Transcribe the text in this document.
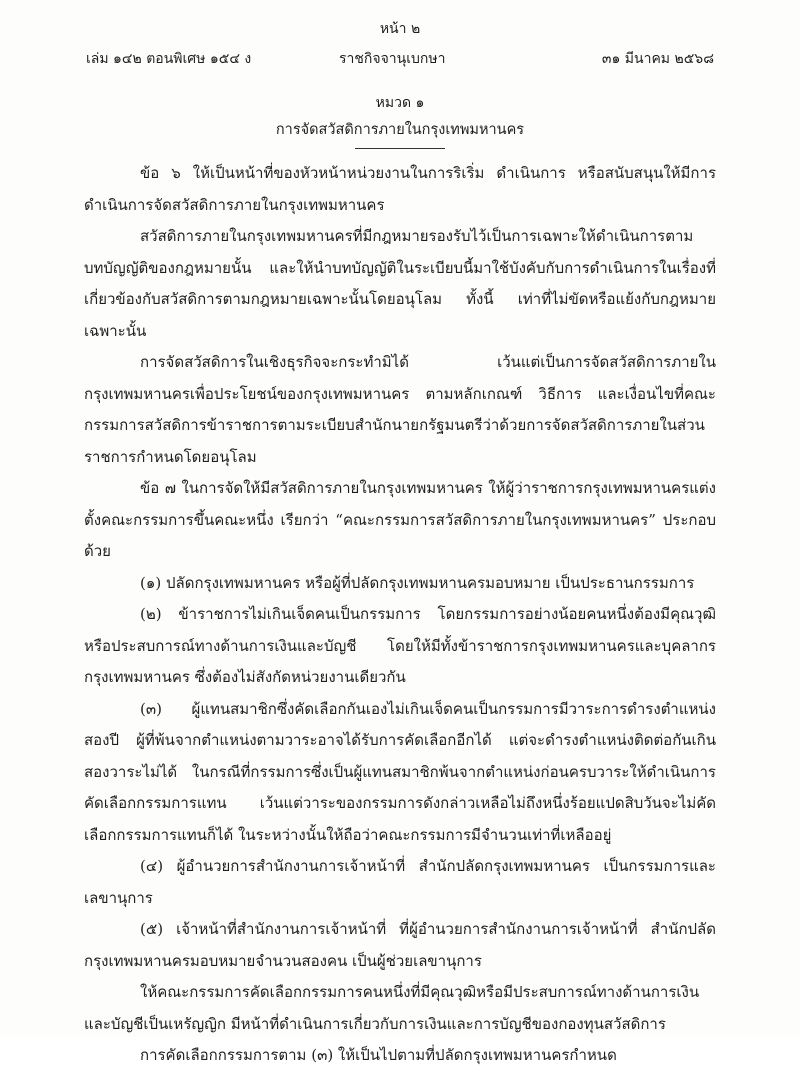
หน้า ๒
เล่ม ๑๔๒ ตอนพิเศษ ๑๕๔ ง	ราชกิจจานุเบกษา	๓๑ มีนาคม ๒๕๖๘
หมวด ๑
การจัดสวัสดิการภายในกรุงเทพมหานคร

ข้อ ๖ ให้เป็นหน้าที่ของหัวหน้าหน่วยงานในการริเริ่ม ดำเนินการ หรือสนับสนุนให้มีการดำเนินการจัดสวัสดิการภายในกรุงเทพมหานคร

สวัสดิการภายในกรุงเทพมหานครที่มีกฎหมายรองรับไว้เป็นการเฉพาะให้ดำเนินการตามบทบัญญัติของกฎหมายนั้น และให้นำบทบัญญัติในระเบียบนี้มาใช้บังคับกับการดำเนินการในเรื่องที่เกี่ยวข้องกับสวัสดิการตามกฎหมายเฉพาะนั้นโดยอนุโลม ทั้งนี้ เท่าที่ไม่ขัดหรือแย้งกับกฎหมายเฉพาะนั้น

การจัดสวัสดิการในเชิงธุรกิจจะกระทำมิได้ เว้นแต่เป็นการจัดสวัสดิการภายในกรุงเทพมหานครเพื่อประโยชน์ของกรุงเทพมหานคร ตามหลักเกณฑ์ วิธีการ และเงื่อนไขที่คณะกรรมการสวัสดิการข้าราชการตามระเบียบสำนักนายกรัฐมนตรีว่าด้วยการจัดสวัสดิการภายในส่วนราชการกำหนดโดยอนุโลม

ข้อ ๗ ในการจัดให้มีสวัสดิการภายในกรุงเทพมหานคร ให้ผู้ว่าราชการกรุงเทพมหานครแต่งตั้งคณะกรรมการขึ้นคณะหนึ่ง เรียกว่า “คณะกรรมการสวัสดิการภายในกรุงเทพมหานคร” ประกอบด้วย

(๑) ปลัดกรุงเทพมหานคร หรือผู้ที่ปลัดกรุงเทพมหานครมอบหมาย เป็นประธานกรรมการ

(๒) ข้าราชการไม่เกินเจ็ดคนเป็นกรรมการ โดยกรรมการอย่างน้อยคนหนึ่งต้องมีคุณวุฒิหรือประสบการณ์ทางด้านการเงินและบัญชี โดยให้มีทั้งข้าราชการกรุงเทพมหานครและบุคลากรกรุงเทพมหานคร ซึ่งต้องไม่สังกัดหน่วยงานเดียวกัน

(๓) ผู้แทนสมาชิกซึ่งคัดเลือกกันเองไม่เกินเจ็ดคนเป็นกรรมการมีวาระการดำรงตำแหน่งสองปี ผู้ที่พ้นจากตำแหน่งตามวาระอาจได้รับการคัดเลือกอีกได้ แต่จะดำรงตำแหน่งติดต่อกันเกินสองวาระไม่ได้ ในกรณีที่กรรมการซึ่งเป็นผู้แทนสมาชิกพ้นจากตำแหน่งก่อนครบวาระให้ดำเนินการคัดเลือกกรรมการแทน เว้นแต่วาระของกรรมการดังกล่าวเหลือไม่ถึงหนึ่งร้อยแปดสิบวันจะไม่คัดเลือกกรรมการแทนก็ได้ ในระหว่างนั้นให้ถือว่าคณะกรรมการมีจำนวนเท่าที่เหลืออยู่

(๔) ผู้อำนวยการสำนักงานการเจ้าหน้าที่ สำนักปลัดกรุงเทพมหานคร เป็นกรรมการและเลขานุการ

(๕) เจ้าหน้าที่สำนักงานการเจ้าหน้าที่ ที่ผู้อำนวยการสำนักงานการเจ้าหน้าที่ สำนักปลัดกรุงเทพมหานครมอบหมายจำนวนสองคน เป็นผู้ช่วยเลขานุการ

ให้คณะกรรมการคัดเลือกกรรมการคนหนึ่งที่มีคุณวุฒิหรือมีประสบการณ์ทางด้านการเงินและบัญชีเป็นเหรัญญิก มีหน้าที่ดำเนินการเกี่ยวกับการเงินและการบัญชีของกองทุนสวัสดิการ

การคัดเลือกกรรมการตาม (๓) ให้เป็นไปตามที่ปลัดกรุงเทพมหานครกำหนด
